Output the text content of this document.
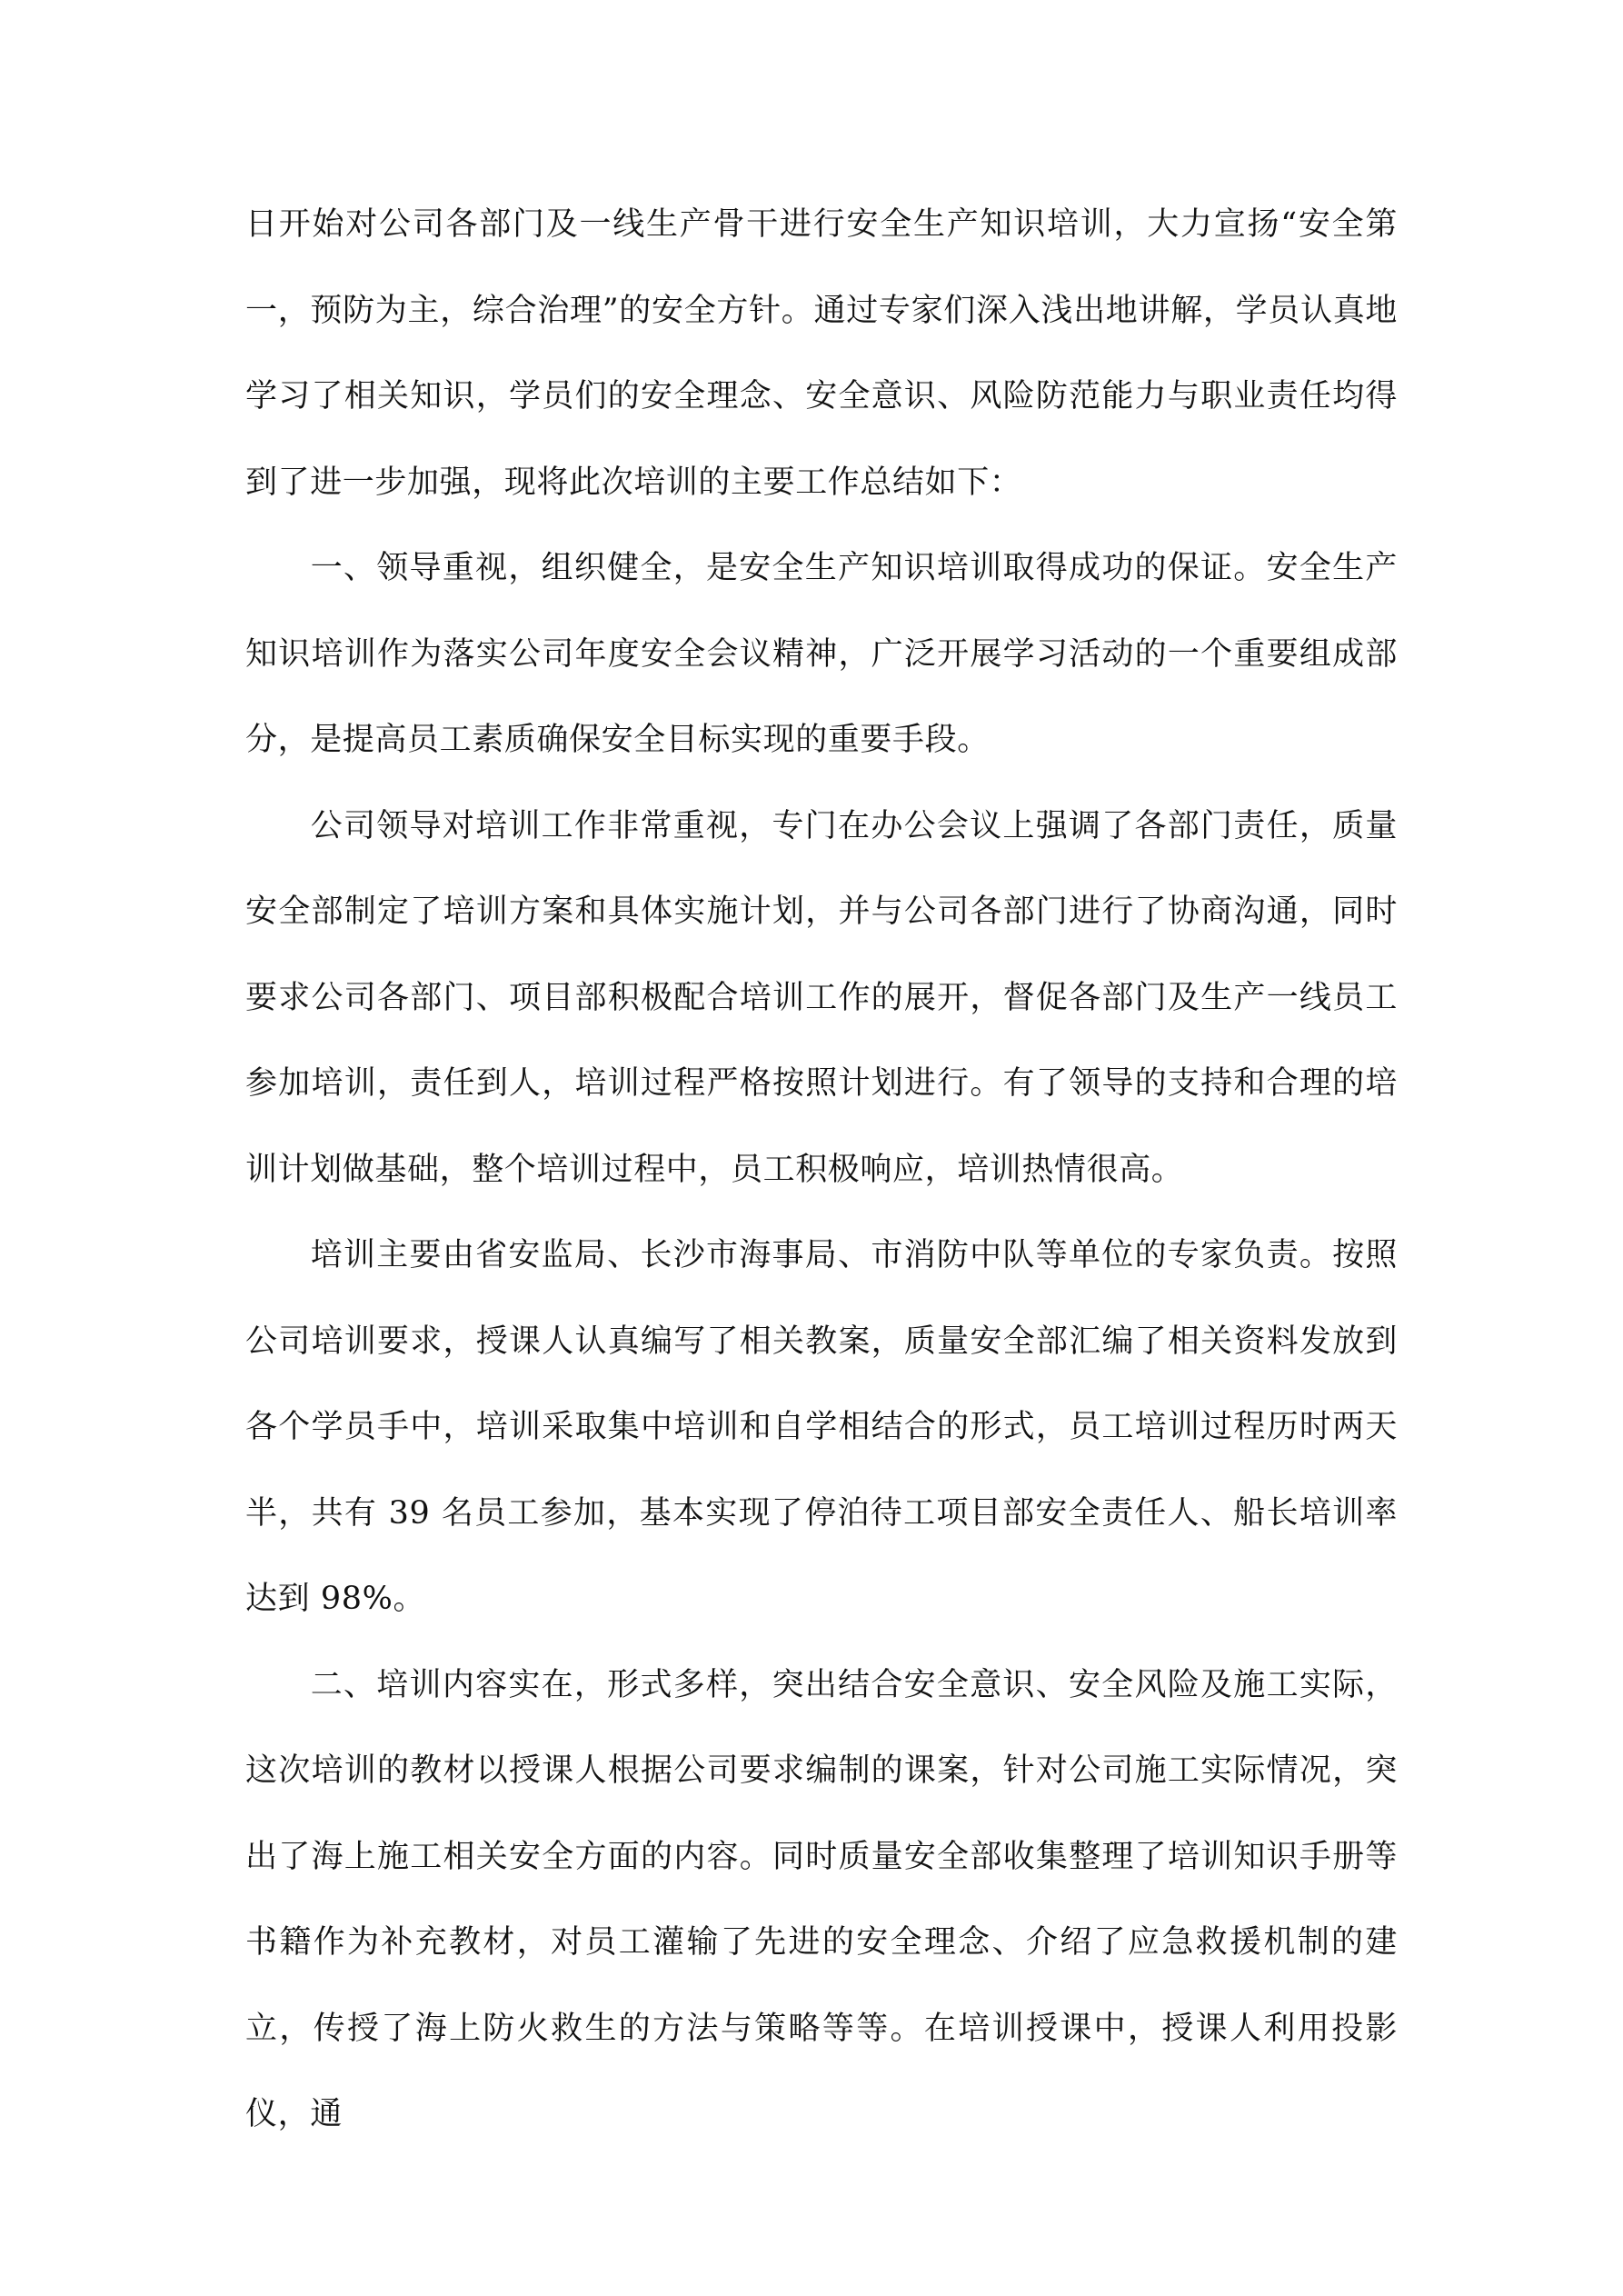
日开始对公司各部门及一线生产骨干进行安全生产知识培训，大力宣扬“安全第一，预防为主，综合治理”的安全方针。通过专家们深入浅出地讲解，学员认真地学习了相关知识，学员们的安全理念、安全意识、风险防范能力与职业责任均得到了进一步加强，现将此次培训的主要工作总结如下：

一、领导重视，组织健全，是安全生产知识培训取得成功的保证。安全生产知识培训作为落实公司年度安全会议精神，广泛开展学习活动的一个重要组成部分，是提高员工素质确保安全目标实现的重要手段。

公司领导对培训工作非常重视，专门在办公会议上强调了各部门责任，质量安全部制定了培训方案和具体实施计划，并与公司各部门进行了协商沟通，同时要求公司各部门、项目部积极配合培训工作的展开，督促各部门及生产一线员工参加培训，责任到人，培训过程严格按照计划进行。有了领导的支持和合理的培训计划做基础，整个培训过程中，员工积极响应，培训热情很高。

培训主要由省安监局、长沙市海事局、市消防中队等单位的专家负责。按照公司培训要求，授课人认真编写了相关教案，质量安全部汇编了相关资料发放到各个学员手中，培训采取集中培训和自学相结合的形式，员工培训过程历时两天半，共有 39 名员工参加，基本实现了停泊待工项目部安全责任人、船长培训率达到 98%。

二、培训内容实在，形式多样，突出结合安全意识、安全风险及施工实际，这次培训的教材以授课人根据公司要求编制的课案，针对公司施工实际情况，突出了海上施工相关安全方面的内容。同时质量安全部收集整理了培训知识手册等书籍作为补充教材，对员工灌输了先进的安全理念、介绍了应急救援机制的建立，传授了海上防火救生的方法与策略等等。在培训授课中，授课人利用投影仪，通
